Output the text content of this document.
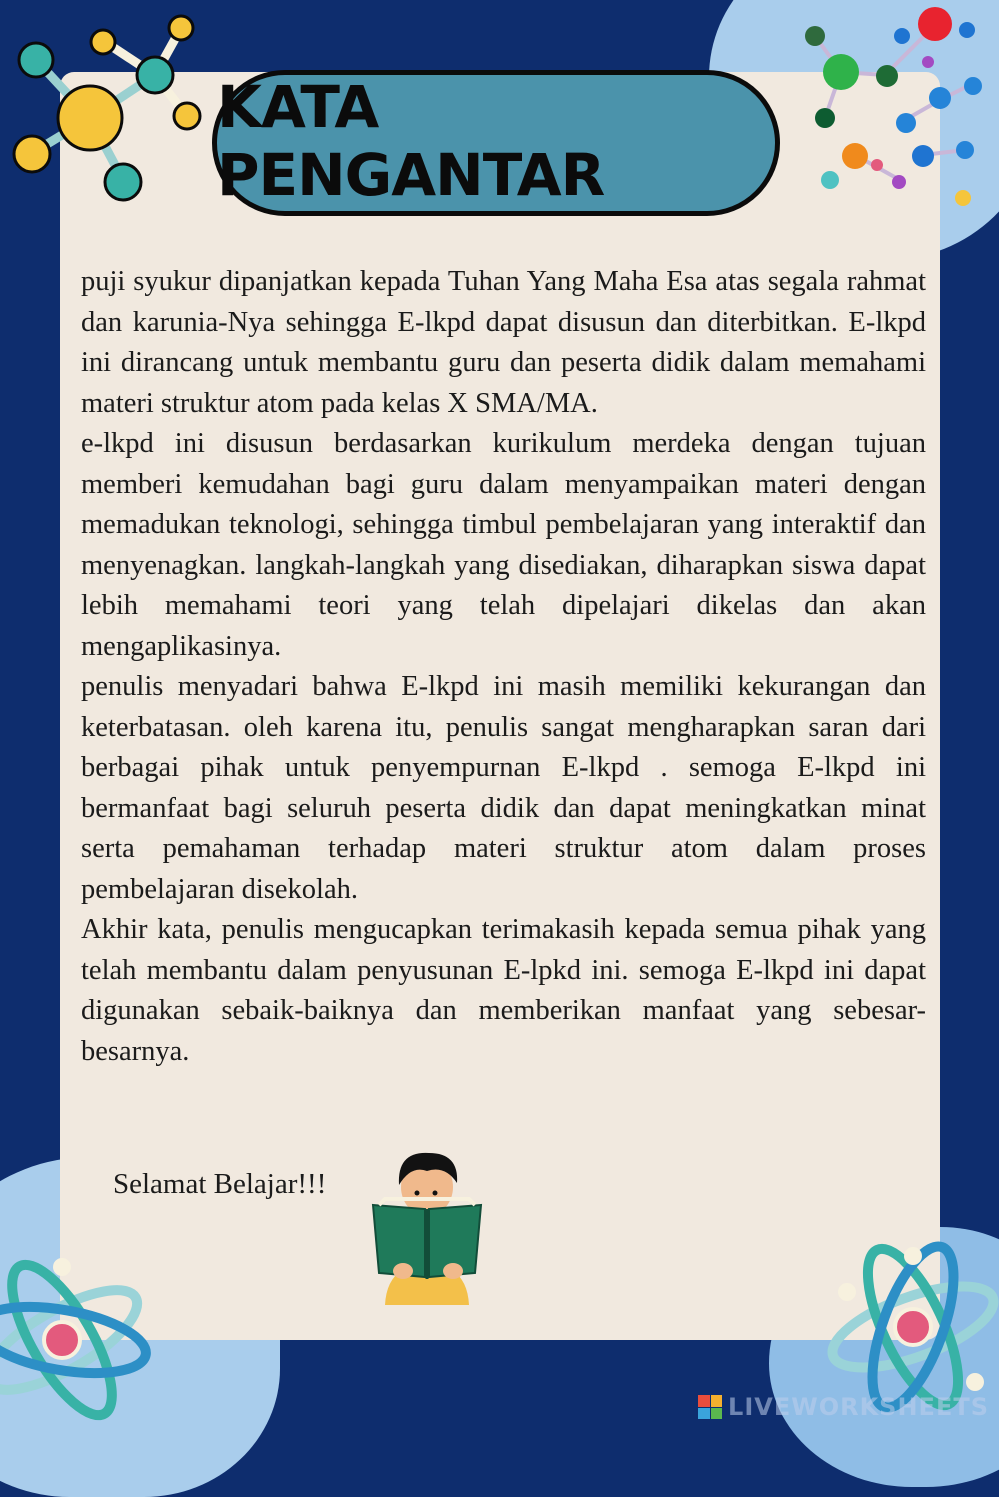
KATA PENGANTAR

puji syukur dipanjatkan kepada Tuhan Yang Maha Esa atas segala rahmat dan karunia-Nya sehingga E-lkpd dapat disusun dan diterbitkan. E-lkpd ini dirancang untuk membantu guru dan peserta didik dalam memahami materi struktur atom pada kelas X SMA/MA.

e-lkpd ini disusun berdasarkan kurikulum merdeka dengan tujuan memberi kemudahan bagi guru dalam menyampaikan materi dengan memadukan teknologi, sehingga timbul pembelajaran yang interaktif dan menyenagkan. langkah-langkah yang disediakan, diharapkan siswa dapat lebih memahami teori yang telah dipelajari dikelas dan akan mengaplikasinya.

penulis menyadari bahwa E-lkpd ini masih memiliki kekurangan dan keterbatasan. oleh karena itu, penulis sangat mengharapkan saran dari berbagai pihak untuk penyempurnan E-lkpd . semoga E-lkpd ini bermanfaat bagi seluruh peserta didik dan dapat meningkatkan minat serta pemahaman terhadap materi struktur atom dalam proses pembelajaran disekolah.

Akhir kata, penulis mengucapkan terimakasih kepada semua pihak yang telah membantu dalam penyusunan E-lpkd ini. semoga E-lkpd ini dapat digunakan sebaik-baiknya dan memberikan manfaat yang sebesar-besarnya.

Selamat Belajar!!!
LIVEWORKSHEETS
